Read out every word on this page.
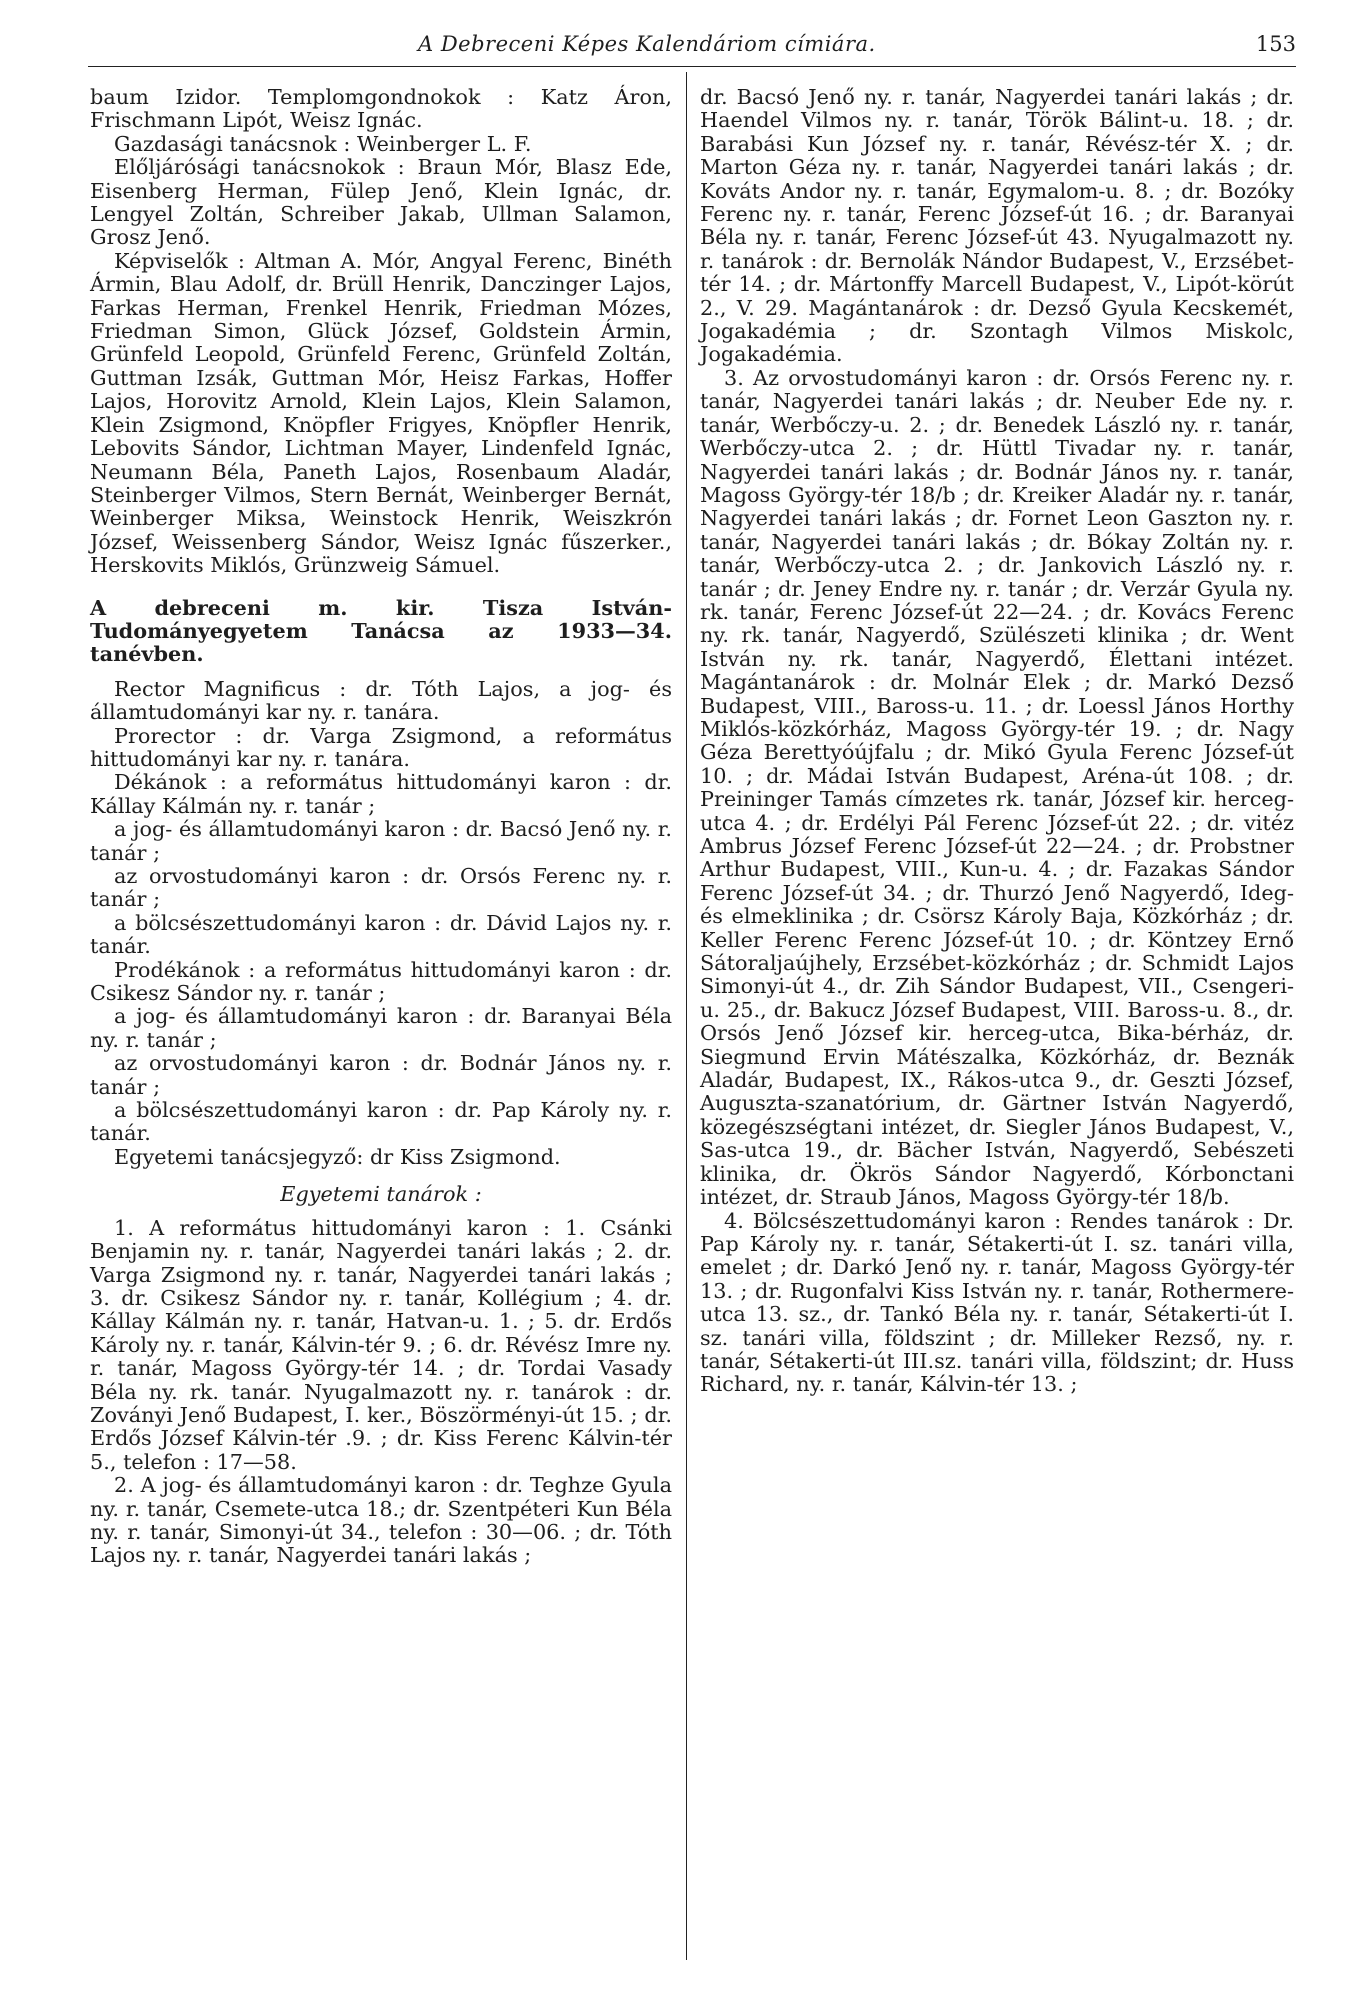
A Debreceni Képes Kalendáriom címiára.	153

baum Izidor. Templomgondnokok : Katz Áron, Frischmann Lipót, Weisz Ignác.

Gazdasági tanácsnok : Weinberger L. F.

Előljárósági tanácsnokok : Braun Mór, Blasz Ede, Eisenberg Herman, Fülep Jenő, Klein Ignác, dr. Lengyel Zoltán, Schreiber Jakab, Ullman Salamon, Grosz Jenő.

Képviselők : Altman A. Mór, Angyal Ferenc, Binéth Ármin, Blau Adolf, dr. Brüll Henrik, Danczinger Lajos, Farkas Herman, Frenkel Henrik, Friedman Mózes, Friedman Simon, Glück József, Goldstein Ármin, Grünfeld Leopold, Grünfeld Ferenc, Grünfeld Zoltán, Guttman Izsák, Guttman Mór, Heisz Farkas, Hoffer Lajos, Horovitz Arnold, Klein Lajos, Klein Salamon, Klein Zsigmond, Knöpfler Frigyes, Knöpfler Henrik, Lebovits Sándor, Lichtman Mayer, Lindenfeld Ignác, Neumann Béla, Paneth Lajos, Rosenbaum Aladár, Steinberger Vilmos, Stern Bernát, Weinberger Bernát, Weinberger Miksa, Weinstock Henrik, Weiszkrón József, Weissenberg Sándor, Weisz Ignác fűszerker., Herskovits Miklós, Grünzweig Sámuel.

A debreceni m. kir. Tisza István-Tudományegyetem Tanácsa az 1933—34. tanévben.

Rector Magnificus : dr. Tóth Lajos, a jog- és államtudományi kar ny. r. tanára.

Prorector : dr. Varga Zsigmond, a református hittudományi kar ny. r. tanára.

Dékánok : a református hittudományi karon : dr. Kállay Kálmán ny. r. tanár ;

a jog- és államtudományi karon : dr. Bacsó Jenő ny. r. tanár ;

az orvostudományi karon : dr. Orsós Ferenc ny. r. tanár ;

a bölcsészettudományi karon : dr. Dávid Lajos ny. r. tanár.

Prodékánok : a református hittudományi karon : dr. Csikesz Sándor ny. r. tanár ;

a jog- és államtudományi karon : dr. Baranyai Béla ny. r. tanár ;

az orvostudományi karon : dr. Bodnár János ny. r. tanár ;

a bölcsészettudományi karon : dr. Pap Károly ny. r. tanár.

Egyetemi tanácsjegyző: dr Kiss Zsigmond.

Egyetemi tanárok :

1. A református hittudományi karon : 1. Csánki Benjamin ny. r. tanár, Nagyerdei tanári lakás ; 2. dr. Varga Zsigmond ny. r. tanár, Nagyerdei tanári lakás ; 3. dr. Csikesz Sándor ny. r. tanár, Kollégium ; 4. dr. Kállay Kálmán ny. r. tanár, Hatvan-u. 1. ; 5. dr. Erdős Károly ny. r. tanár, Kálvin-tér 9. ; 6. dr. Révész Imre ny. r. tanár, Magoss György-tér 14. ; dr. Tordai Vasady Béla ny. rk. tanár. Nyugalmazott ny. r. tanárok : dr. Zoványi Jenő Budapest, I. ker., Böszörményi-út 15. ; dr. Erdős József Kálvin-tér .9. ; dr. Kiss Ferenc Kálvin-tér 5., telefon : 17—58.

2. A jog- és államtudományi karon : dr. Teghze Gyula ny. r. tanár, Csemete-utca 18.; dr. Szentpéteri Kun Béla ny. r. tanár, Simonyi-út 34., telefon : 30—06. ; dr. Tóth Lajos ny. r. tanár, Nagyerdei tanári lakás ;

dr. Bacsó Jenő ny. r. tanár, Nagyerdei tanári lakás ; dr. Haendel Vilmos ny. r. tanár, Török Bálint-u. 18. ; dr. Barabási Kun József ny. r. tanár, Révész-tér X. ; dr. Marton Géza ny. r. tanár, Nagyerdei tanári lakás ; dr. Kováts Andor ny. r. tanár, Egymalom-u. 8. ; dr. Bozóky Ferenc ny. r. tanár, Ferenc József-út 16. ; dr. Baranyai Béla ny. r. tanár, Ferenc József-út 43. Nyugalmazott ny. r. tanárok : dr. Bernolák Nándor Budapest, V., Erzsébet-tér 14. ; dr. Mártonffy Marcell Budapest, V., Lipót-körút 2., V. 29. Magántanárok : dr. Dezső Gyula Kecskemét, Jogakadémia ; dr. Szontagh Vilmos Miskolc, Jogakadémia.

3. Az orvostudományi karon : dr. Orsós Ferenc ny. r. tanár, Nagyerdei tanári lakás ; dr. Neuber Ede ny. r. tanár, Werbőczy-u. 2. ; dr. Benedek László ny. r. tanár, Werbőczy-utca 2. ; dr. Hüttl Tivadar ny. r. tanár, Nagyerdei tanári lakás ; dr. Bodnár János ny. r. tanár, Magoss György-tér 18/b ; dr. Kreiker Aladár ny. r. tanár, Nagyerdei tanári lakás ; dr. Fornet Leon Gaszton ny. r. tanár, Nagyerdei tanári lakás ; dr. Bókay Zoltán ny. r. tanár, Werbőczy-utca 2. ; dr. Jankovich László ny. r. tanár ; dr. Jeney Endre ny. r. tanár ; dr. Verzár Gyula ny. rk. tanár, Ferenc József-út 22—24. ; dr. Kovács Ferenc ny. rk. tanár, Nagyerdő, Szülészeti klinika ; dr. Went István ny. rk. tanár, Nagyerdő, Élettani intézet. Magántanárok : dr. Molnár Elek ; dr. Markó Dezső Budapest, VIII., Baross-u. 11. ; dr. Loessl János Horthy Miklós-közkórház, Magoss György-tér 19. ; dr. Nagy Géza Berettyóújfalu ; dr. Mikó Gyula Ferenc József-út 10. ; dr. Mádai István Budapest, Aréna-út 108. ; dr. Preininger Tamás címzetes rk. tanár, József kir. herceg-utca 4. ; dr. Erdélyi Pál Ferenc József-út 22. ; dr. vitéz Ambrus József Ferenc József-út 22—24. ; dr. Probstner Arthur Budapest, VIII., Kun-u. 4. ; dr. Fazakas Sándor Ferenc József-út 34. ; dr. Thurzó Jenő Nagyerdő, Ideg- és elmeklinika ; dr. Csörsz Károly Baja, Közkórház ; dr. Keller Ferenc Ferenc József-út 10. ; dr. Köntzey Ernő Sátoraljaújhely, Erzsébet-közkórház ; dr. Schmidt Lajos Simonyi-út 4., dr. Zih Sándor Budapest, VII., Csengeri-u. 25., dr. Bakucz József Budapest, VIII. Baross-u. 8., dr. Orsós Jenő József kir. herceg-utca, Bika-bérház, dr. Siegmund Ervin Mátészalka, Közkórház, dr. Beznák Aladár, Budapest, IX., Rákos-utca 9., dr. Geszti József, Auguszta-szanatórium, dr. Gärtner István Nagyerdő, közegészségtani intézet, dr. Siegler János Budapest, V., Sas-utca 19., dr. Bächer István, Nagyerdő, Sebészeti klinika, dr. Ökrös Sándor Nagyerdő, Kórbonctani intézet, dr. Straub János, Magoss György-tér 18/b.

4. Bölcsészettudományi karon : Rendes tanárok : Dr. Pap Károly ny. r. tanár, Sétakerti-út I. sz. tanári villa, emelet ; dr. Darkó Jenő ny. r. tanár, Magoss György-tér 13. ; dr. Rugonfalvi Kiss István ny. r. tanár, Rothermere-utca 13. sz., dr. Tankó Béla ny. r. tanár, Sétakerti-út I. sz. tanári villa, földszint ; dr. Milleker Rezső, ny. r. tanár, Sétakerti-út III.sz. tanári villa, földszint; dr. Huss Richard, ny. r. tanár, Kálvin-tér 13. ;
